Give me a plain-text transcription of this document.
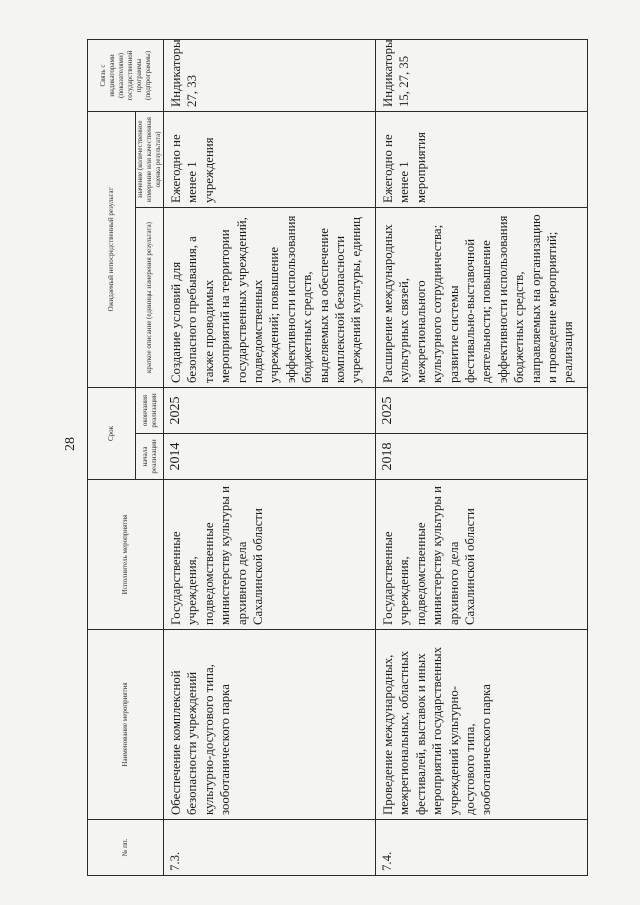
28
№ пп.	Наименование мероприятия	Исполнитель мероприятия	Срок		Ожидаемый непосредственный результат		Связь с индикаторами (показателями) государственной программы (подпрограммы)
			начала реализации	окончания реализации	краткое описание (единицы измерения результата)	значение (количественное измерение или качественная оценка результата)	
7.3.	Обеспечение комплексной безопасности учреждений культурно-досугового типа, зооботанического парка	Государственные учреждения, подведомственные министерству культуры и архивного дела Сахалинской области	2014	2025	Создание условий для безопасного пребывания, а также проводимых мероприятий на территории государственных учреждений, подведомственных учреждений; повышение эффективности использования бюджетных средств, выделяемых на обеспечение комплексной безопасности учреждений культуры, единиц	Ежегодно не менее 1 учреждения	Индикаторы 27, 33
7.4.	Проведение международных, межрегиональных, областных фестивалей, выставок и иных мероприятий государственных учреждений культурно-досугового типа, зооботанического парка	Государственные учреждения, подведомственные министерству культуры и архивного дела Сахалинской области	2018	2025	Расширение международных культурных связей, межрегионального культурного сотрудничества; развитие системы фестивально-выставочной деятельности; повышение эффективности использования бюджетных средств, направляемых на организацию и проведение мероприятий; реализация	Ежегодно не менее 1 мероприятия	Индикаторы 15, 27, 35
